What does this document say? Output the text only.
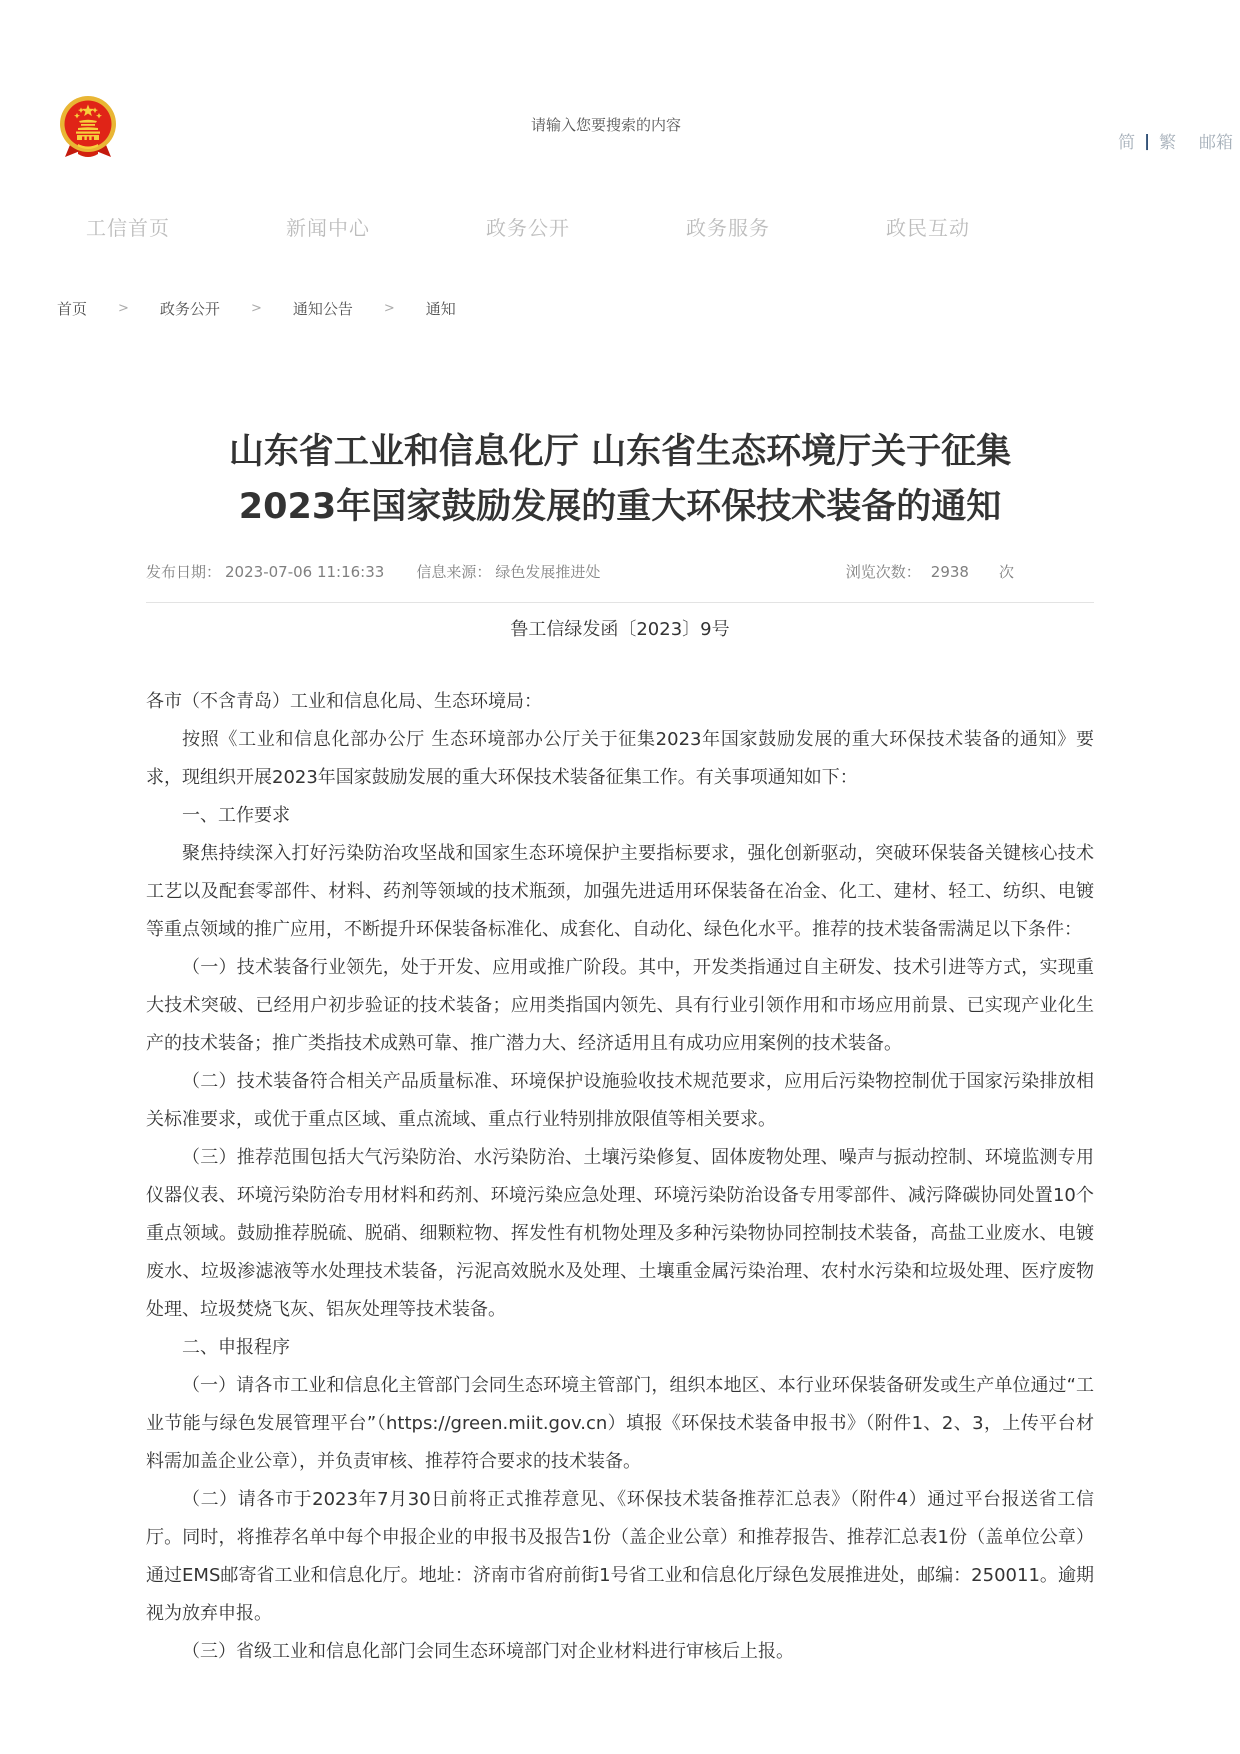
请输入您要搜索的内容
简 | 繁	邮箱
工信首页	新闻中心	政务公开	政务服务	政民互动
首页 > 政务公开 > 通知公告 > 通知
山东省工业和信息化厅 山东省生态环境厅关于征集
2023年国家鼓励发展的重大环保技术装备的通知
发布日期： 2023-07-06 11:16:33 信息来源： 绿色发展推进处	浏览次数： 2938 次
鲁工信绿发函〔2023〕9号

各市（不含青岛）工业和信息化局、生态环境局：

按照《工业和信息化部办公厅 生态环境部办公厅关于征集2023年国家鼓励发展的重大环保技术装备的通知》要求，现组织开展2023年国家鼓励发展的重大环保技术装备征集工作。有关事项通知如下：

一、工作要求

聚焦持续深入打好污染防治攻坚战和国家生态环境保护主要指标要求，强化创新驱动，突破环保装备关键核心技术工艺以及配套零部件、材料、药剂等领域的技术瓶颈，加强先进适用环保装备在冶金、化工、建材、轻工、纺织、电镀等重点领域的推广应用，不断提升环保装备标准化、成套化、自动化、绿色化水平。推荐的技术装备需满足以下条件：

（一）技术装备行业领先，处于开发、应用或推广阶段。其中，开发类指通过自主研发、技术引进等方式，实现重大技术突破、已经用户初步验证的技术装备；应用类指国内领先、具有行业引领作用和市场应用前景、已实现产业化生产的技术装备；推广类指技术成熟可靠、推广潜力大、经济适用且有成功应用案例的技术装备。

（二）技术装备符合相关产品质量标准、环境保护设施验收技术规范要求，应用后污染物控制优于国家污染排放相关标准要求，或优于重点区域、重点流域、重点行业特别排放限值等相关要求。

（三）推荐范围包括大气污染防治、水污染防治、土壤污染修复、固体废物处理、噪声与振动控制、环境监测专用仪器仪表、环境污染防治专用材料和药剂、环境污染应急处理、环境污染防治设备专用零部件、减污降碳协同处置10个重点领域。鼓励推荐脱硫、脱硝、细颗粒物、挥发性有机物处理及多种污染物协同控制技术装备，高盐工业废水、电镀废水、垃圾渗滤液等水处理技术装备，污泥高效脱水及处理、土壤重金属污染治理、农村水污染和垃圾处理、医疗废物处理、垃圾焚烧飞灰、铝灰处理等技术装备。

二、申报程序

（一）请各市工业和信息化主管部门会同生态环境主管部门，组织本地区、本行业环保装备研发或生产单位通过“工业节能与绿色发展管理平台”（https://green.miit.gov.cn）填报《环保技术装备申报书》（附件1、2、3，上传平台材料需加盖企业公章），并负责审核、推荐符合要求的技术装备。

（二）请各市于2023年7月30日前将正式推荐意见、《环保技术装备推荐汇总表》（附件4）通过平台报送省工信厅。同时，将推荐名单中每个申报企业的申报书及报告1份（盖企业公章）和推荐报告、推荐汇总表1份（盖单位公章）通过EMS邮寄省工业和信息化厅。地址：济南市省府前街1号省工业和信息化厅绿色发展推进处，邮编：250011。逾期视为放弃申报。

（三）省级工业和信息化部门会同生态环境部门对企业材料进行审核后上报。
